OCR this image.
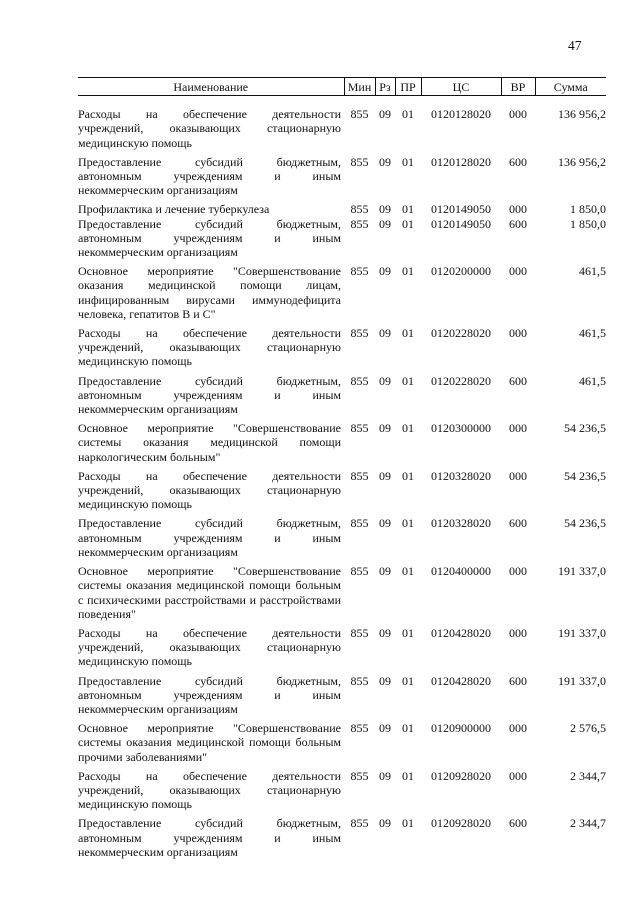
47
Наименование	Мин	Рз	ПР	ЦС	ВР	Сумма

Расходы на обеспечение деятельности учреждений, оказывающих стационарную медицинскую помощь	855	09	01	0120128020	000	136 956,2
Предоставление субсидий бюджетным, автономным учреждениям и иным некоммерческим организациям	855	09	01	0120128020	600	136 956,2
Профилактика и лечение туберкулеза	855	09	01	0120149050	000	1 850,0
Предоставление субсидий бюджетным, автономным учреждениям и иным некоммерческим организациям	855	09	01	0120149050	600	1 850,0
Основное мероприятие "Совершенствование оказания медицинской помощи лицам, инфицированным вирусами иммунодефицита человека, гепатитов В и С"	855	09	01	0120200000	000	461,5
Расходы на обеспечение деятельности учреждений, оказывающих стационарную медицинскую помощь	855	09	01	0120228020	000	461,5
Предоставление субсидий бюджетным, автономным учреждениям и иным некоммерческим организациям	855	09	01	0120228020	600	461,5
Основное мероприятие "Совершенствование системы оказания медицинской помощи наркологическим больным"	855	09	01	0120300000	000	54 236,5
Расходы на обеспечение деятельности учреждений, оказывающих стационарную медицинскую помощь	855	09	01	0120328020	000	54 236,5
Предоставление субсидий бюджетным, автономным учреждениям и иным некоммерческим организациям	855	09	01	0120328020	600	54 236,5
Основное мероприятие "Совершенствование системы оказания медицинской помощи больным с психическими расстройствами и расстройствами поведения"	855	09	01	0120400000	000	191 337,0
Расходы на обеспечение деятельности учреждений, оказывающих стационарную медицинскую помощь	855	09	01	0120428020	000	191 337,0
Предоставление субсидий бюджетным, автономным учреждениям и иным некоммерческим организациям	855	09	01	0120428020	600	191 337,0
Основное мероприятие "Совершенствование системы оказания медицинской помощи больным прочими заболеваниями"	855	09	01	0120900000	000	2 576,5
Расходы на обеспечение деятельности учреждений, оказывающих стационарную медицинскую помощь	855	09	01	0120928020	000	2 344,7
Предоставление субсидий бюджетным, автономным учреждениям и иным некоммерческим организациям	855	09	01	0120928020	600	2 344,7
